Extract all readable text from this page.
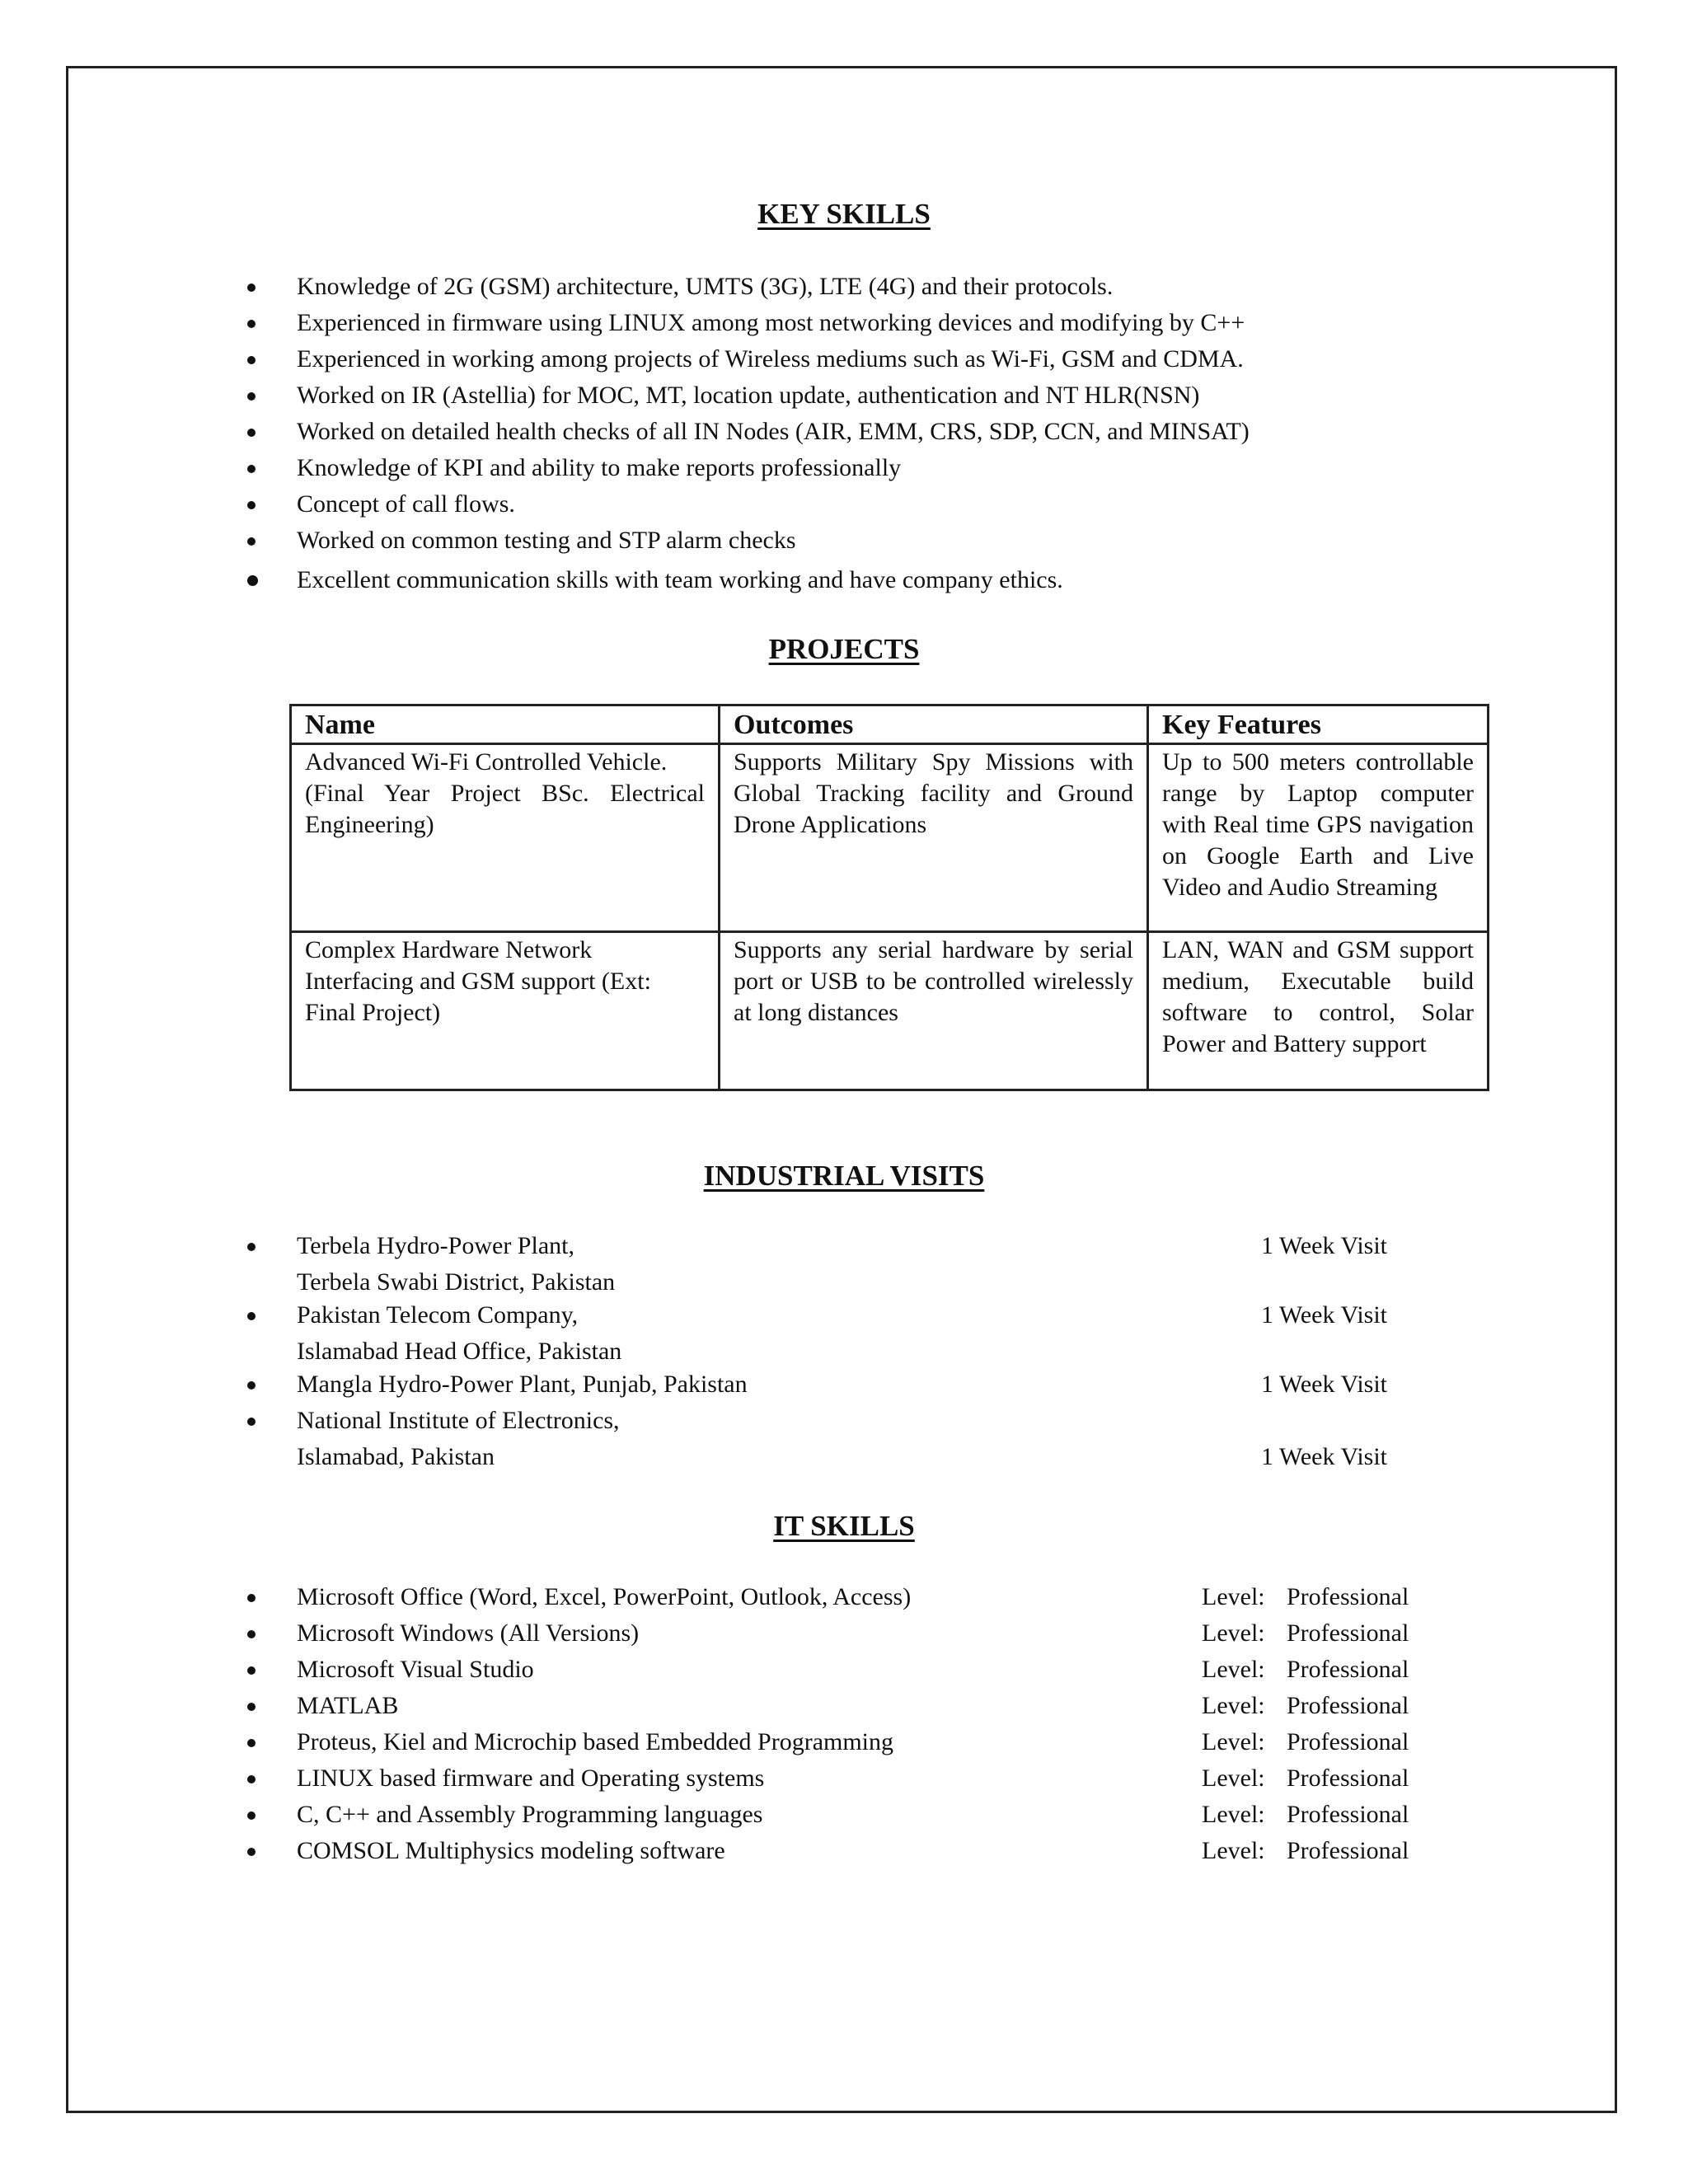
KEY SKILLS
Knowledge of 2G (GSM) architecture, UMTS (3G), LTE (4G) and their protocols.
Experienced in firmware using LINUX among most networking devices and modifying by C++
Experienced in working among projects of Wireless mediums such as Wi-Fi, GSM and CDMA.
Worked on IR (Astellia) for MOC, MT, location update, authentication and NT HLR(NSN)
Worked on detailed health checks of all IN Nodes (AIR, EMM, CRS, SDP, CCN, and MINSAT)
Knowledge of KPI and ability to make reports professionally
Concept of call flows.
Worked on common testing and STP alarm checks
Excellent communication skills with team working and have company ethics.
PROJECTS
Name	Outcomes	Key Features

Advanced Wi-Fi Controlled Vehicle.
(Final Year Project BSc. Electrical Engineering)	Supports Military Spy Missions with Global Tracking facility and Ground Drone Applications	Up to 500 meters controllable range by Laptop computer with Real time GPS navigation on Google Earth and Live Video and Audio Streaming
Complex Hardware Network Interfacing and GSM support (Ext: Final Project)	Supports any serial hardware by serial port or USB to be controlled wirelessly at long distances	LAN, WAN and GSM support medium, Executable build software to control, Solar Power and Battery support
INDUSTRIAL VISITS
Terbela Hydro-Power Plant,
Terbela Swabi District, Pakistan
1 Week Visit
Pakistan Telecom Company,
Islamabad Head Office, Pakistan
1 Week Visit
Mangla Hydro-Power Plant, Punjab, Pakistan	1 Week Visit
National Institute of Electronics,
Islamabad, Pakistan	1 Week Visit
IT SKILLS
Microsoft Office (Word, Excel, PowerPoint, Outlook, Access)	Level: Professional
Microsoft Windows (All Versions)	Level: Professional
Microsoft Visual Studio	Level: Professional
MATLAB	Level: Professional
Proteus, Kiel and Microchip based Embedded Programming	Level: Professional
LINUX based firmware and Operating systems	Level: Professional
C, C++ and Assembly Programming languages	Level: Professional
COMSOL Multiphysics modeling software	Level: Professional
